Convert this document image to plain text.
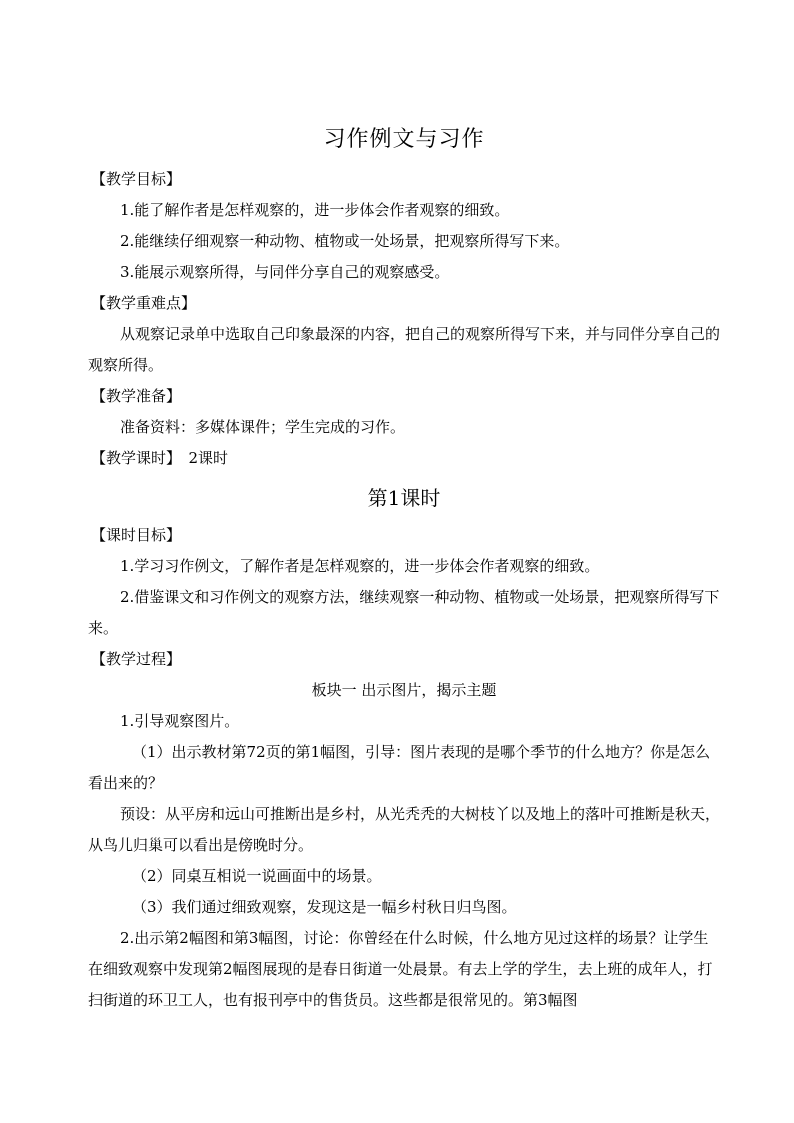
习作例文与习作
【教学目标】
1.能了解作者是怎样观察的，进一步体会作者观察的细致。
2.能继续仔细观察一种动物、植物或一处场景，把观察所得写下来。
3.能展示观察所得，与同伴分享自己的观察感受。
【教学重难点】
从观察记录单中选取自己印象最深的内容，把自己的观察所得写下来，并与同伴分享自己的观察所得。
【教学准备】
准备资料：多媒体课件；学生完成的习作。
【教学课时】　2课时
第1课时
【课时目标】
1.学习习作例文，了解作者是怎样观察的，进一步体会作者观察的细致。
2.借鉴课文和习作例文的观察方法，继续观察一种动物、植物或一处场景，把观察所得写下来。
【教学过程】
板块一 出示图片，揭示主题
1.引导观察图片。
（1）出示教材第72页的第1幅图，引导：图片表现的是哪个季节的什么地方？你是怎么看出来的？
预设：从平房和远山可推断出是乡村，从光秃秃的大树枝丫以及地上的落叶可推断是秋天，从鸟儿归巢可以看出是傍晚时分。
（2）同桌互相说一说画面中的场景。
（3）我们通过细致观察，发现这是一幅乡村秋日归鸟图。
2.出示第2幅图和第3幅图，讨论：你曾经在什么时候，什么地方见过这样的场景？让学生在细致观察中发现第2幅图展现的是春日街道一处晨景。有去上学的学生，去上班的成年人，打扫街道的环卫工人，也有报刊亭中的售货员。这些都是很常见的。第3幅图
